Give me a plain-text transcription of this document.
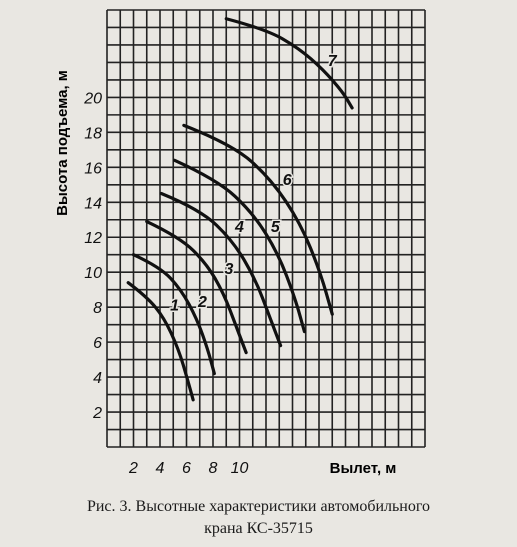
1 2
3
4 5
6
7
2
4
6
8
10
12
14
16
18
20
2 4 6 8 10
Высота подъема, м
Вылет, м
Рис. 3. Высотные характеристики автомобильного
крана КС-35715
